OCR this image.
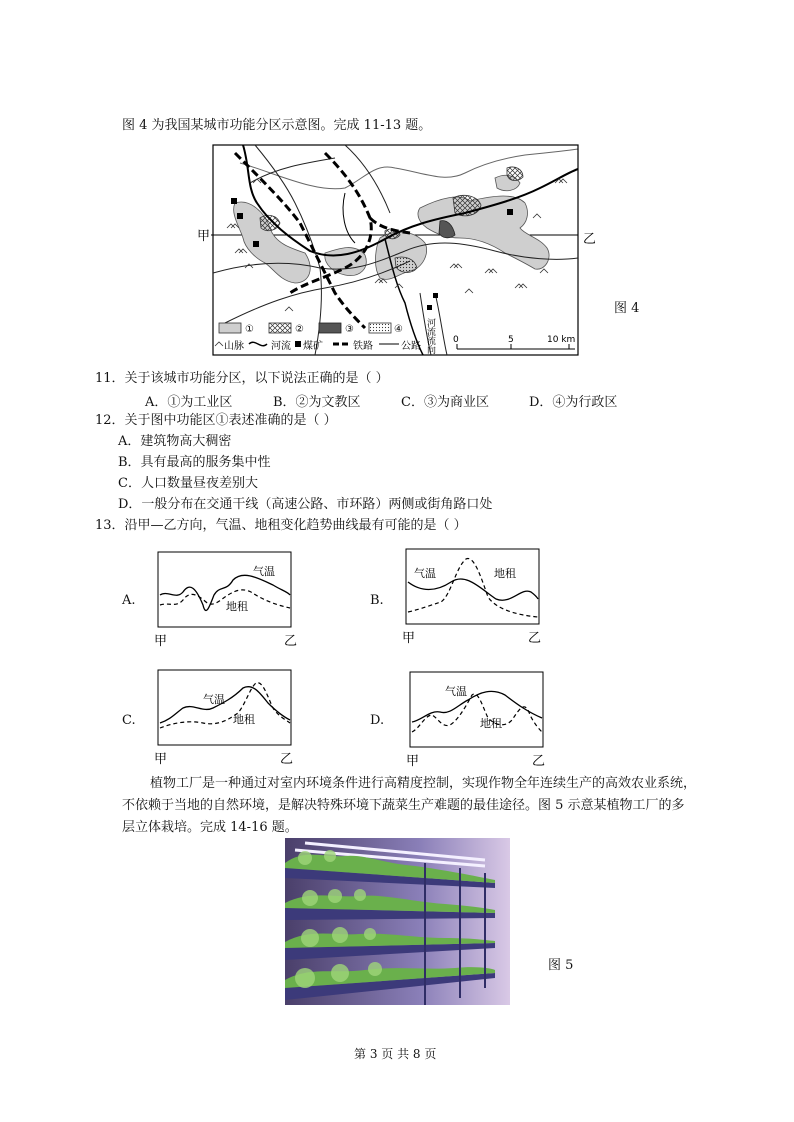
图 4 为我国某城市功能分区示意图。完成 11-13 题。
甲	乙
河流流向
①	②	③	④
山脉	河流 煤矿	铁路	公路
0	5	10 km
图 4
11．关于该城市功能分区，以下说法正确的是（ ）
A．①为工业区	B．②为文教区	C．③为商业区	D．④为行政区
12．关于图中功能区①表述准确的是（ ）
A．建筑物高大稠密
B．具有最高的服务集中性
C．人口数量昼夜差别大
D．一般分布在交通干线（高速公路、市环路）两侧或街角路口处
13．沿甲—乙方向，气温、地租变化趋势曲线最有可能的是（ ）
A.
气温
地租
甲	乙
B.
气温	地租
甲	乙
C.
气温
地租
甲	乙
D.
气温
地租
甲	乙
植物工厂是一种通过对室内环境条件进行高精度控制，实现作物全年连续生产的高效农业系统，不依赖于当地的自然环境，是解决特殊环境下蔬菜生产难题的最佳途径。图 5 示意某植物工厂的多层立体栽培。完成 14-16 题。
图 5
第 3 页 共 8 页
